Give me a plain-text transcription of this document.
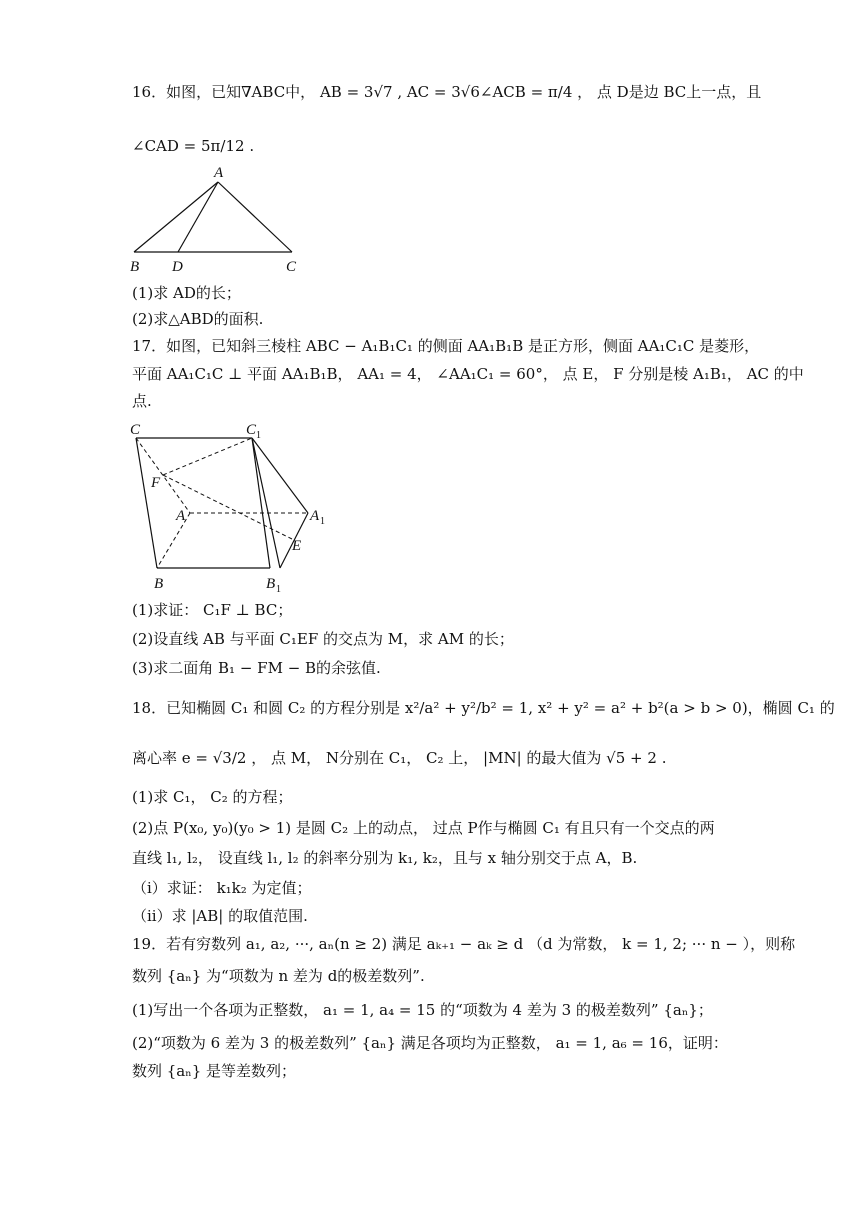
16．如图，已知∇ABC中， AB = 3√7 , AC = 3√6∠ACB = π/4 ， 点 D是边 BC上一点，且
∠CAD = 5π/12 .
(1)求 AD的长；
(2)求△ABD的面积.
17．如图，已知斜三棱柱 ABC − A₁B₁C₁ 的侧面 AA₁B₁B 是正方形，侧面 AA₁C₁C 是菱形，
平面 AA₁C₁C ⊥ 平面 AA₁B₁B， AA₁ = 4， ∠AA₁C₁ = 60°， 点 E， F 分别是棱 A₁B₁， AC 的中
点.
(1)求证： C₁F ⊥ BC；
(2)设直线 AB 与平面 C₁EF 的交点为 M，求 AM 的长；
(3)求二面角 B₁ − FM − B的余弦值.
18．已知椭圆 C₁ 和圆 C₂ 的方程分别是 x²/a² + y²/b² = 1, x² + y² = a² + b²(a > b > 0)，椭圆 C₁ 的
离心率 e = √3/2 ， 点 M， N分别在 C₁， C₂ 上， |MN| 的最大值为 √5 + 2 .
(1)求 C₁， C₂ 的方程；
(2)点 P(x₀, y₀)(y₀ > 1) 是圆 C₂ 上的动点， 过点 P作与椭圆 C₁ 有且只有一个交点的两
直线 l₁, l₂， 设直线 l₁, l₂ 的斜率分别为 k₁, k₂，且与 x 轴分别交于点 A，B.
（i）求证： k₁k₂ 为定值；
（ii）求 |AB| 的取值范围.
19．若有穷数列 a₁, a₂, ···, aₙ(n ≥ 2) 满足 aₖ₊₁ − aₖ ≥ d （d 为常数， k = 1, 2; ··· n − ），则称
数列 {aₙ} 为“项数为 n 差为 d的极差数列”.
(1)写出一个各项为正整数， a₁ = 1, a₄ = 15 的“项数为 4 差为 3 的极差数列” {aₙ}；
(2)“项数为 6 差为 3 的极差数列” {aₙ} 满足各项均为正整数， a₁ = 1, a₆ = 16，证明：
数列 {aₙ} 是等差数列；
A
B D	C
C	C 1
F
A	A 1
E
B	B 1
